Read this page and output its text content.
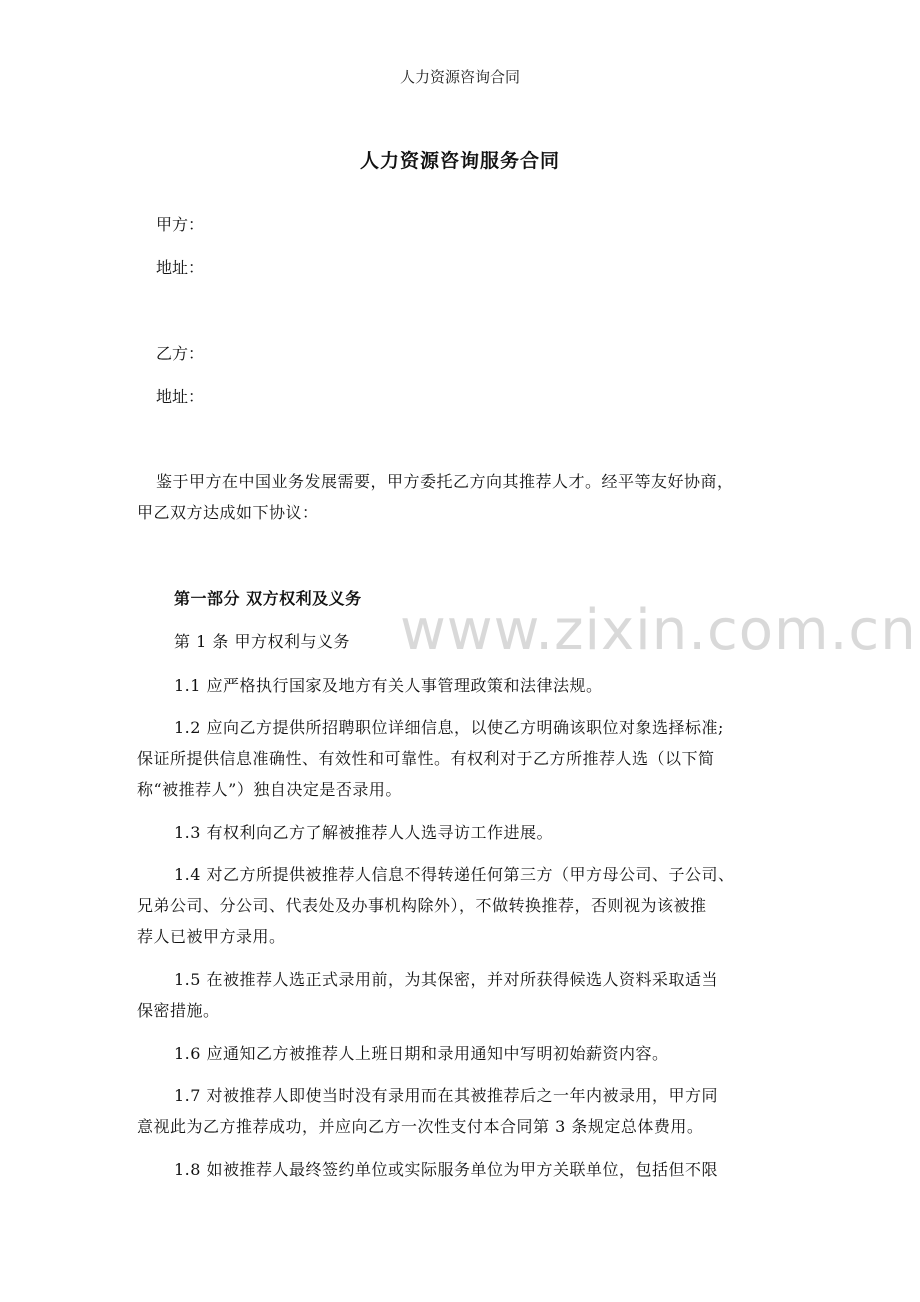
人力资源咨询合同
人力资源咨询服务合同
甲方：
地址：
乙方：
地址：
鉴于甲方在中国业务发展需要，甲方委托乙方向其推荐人才。经平等友好协商，
甲乙双方达成如下协议：
www.zixin.com.cn
第一部分 双方权利及义务
第 1 条 甲方权利与义务
1.1 应严格执行国家及地方有关人事管理政策和法律法规。
1.2 应向乙方提供所招聘职位详细信息，以使乙方明确该职位对象选择标准;
保证所提供信息准确性、有效性和可靠性。有权利对于乙方所推荐人选（以下简
称“被推荐人”）独自决定是否录用。
1.3 有权利向乙方了解被推荐人人选寻访工作进展。
1.4 对乙方所提供被推荐人信息不得转递任何第三方（甲方母公司、子公司、
兄弟公司、分公司、代表处及办事机构除外），不做转换推荐，否则视为该被推
荐人已被甲方录用。
1.5 在被推荐人选正式录用前，为其保密，并对所获得候选人资料采取适当
保密措施。
1.6 应通知乙方被推荐人上班日期和录用通知中写明初始薪资内容。
1.7 对被推荐人即使当时没有录用而在其被推荐后之一年内被录用，甲方同
意视此为乙方推荐成功，并应向乙方一次性支付本合同第 3 条规定总体费用。
1.8 如被推荐人最终签约单位或实际服务单位为甲方关联单位，包括但不限
